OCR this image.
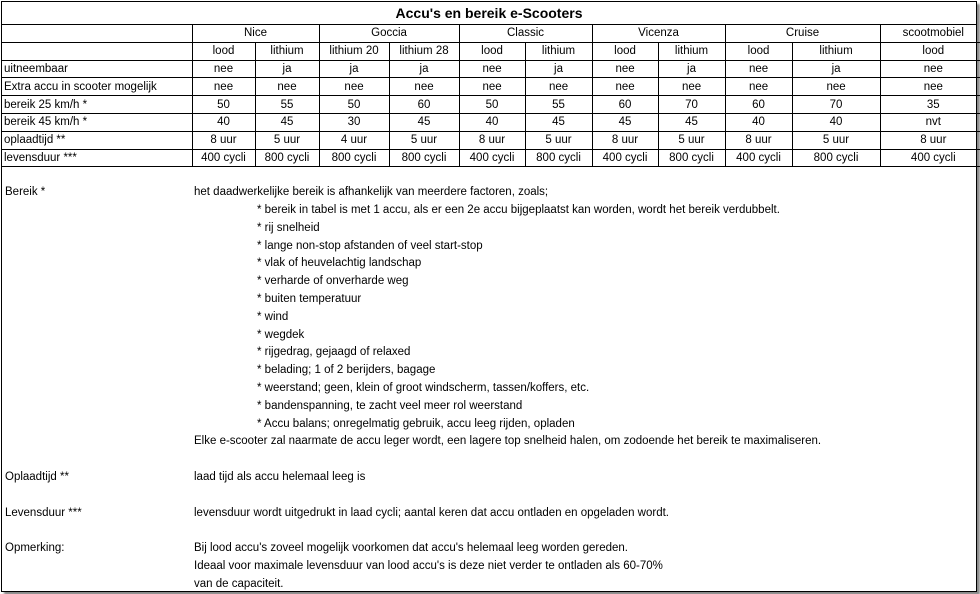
Accu's en bereik e-Scooters
	Nice		Goccia		Classic		Vicenza		Cruise		scootmobiel
	lood	lithium	lithium 20	lithium 28	lood	lithium	lood	lithium	lood	lithium	lood
uitneembaar	nee	ja	ja	ja	nee	ja	nee	ja	nee	ja	nee
Extra accu in scooter mogelijk	nee	nee	nee	nee	nee	nee	nee	nee	nee	nee	nee
bereik 25 km/h *	50	55	50	60	50	55	60	70	60	70	35
bereik 45 km/h *	40	45	30	45	40	45	45	45	40	40	nvt
oplaadtijd **	8 uur	5 uur	4 uur	5 uur	8 uur	5 uur	8 uur	5 uur	8 uur	5 uur	8 uur
levensduur ***	400 cycli	800 cycli	800 cycli	800 cycli	400 cycli	800 cycli	400 cycli	800 cycli	400 cycli	800 cycli	400 cycli
Bereik *	het daadwerkelijke bereik is afhankelijk van meerdere factoren, zoals;
* bereik in tabel is met 1 accu, als er een 2e accu bijgeplaatst kan worden, wordt het bereik verdubbelt.
* rij snelheid
* lange non-stop afstanden of veel start-stop
* vlak of heuvelachtig landschap
* verharde of onverharde weg
* buiten temperatuur
* wind
* wegdek
* rijgedrag, gejaagd of relaxed
* belading; 1 of 2 berijders, bagage
* weerstand; geen, klein of groot windscherm, tassen/koffers, etc.
* bandenspanning, te zacht veel meer rol weerstand
* Accu balans; onregelmatig gebruik, accu leeg rijden, opladen
Elke e-scooter zal naarmate de accu leger wordt, een lagere top snelheid halen, om zodoende het bereik te maximaliseren.
Oplaadtijd **	laad tijd als accu helemaal leeg is
Levensduur ***	levensduur wordt uitgedrukt in laad cycli; aantal keren dat accu ontladen en opgeladen wordt.
Opmerking:	Bij lood accu's zoveel mogelijk voorkomen dat accu's helemaal leeg worden gereden.
Ideaal voor maximale levensduur van lood accu's is deze niet verder te ontladen als 60-70%
van de capaciteit.
